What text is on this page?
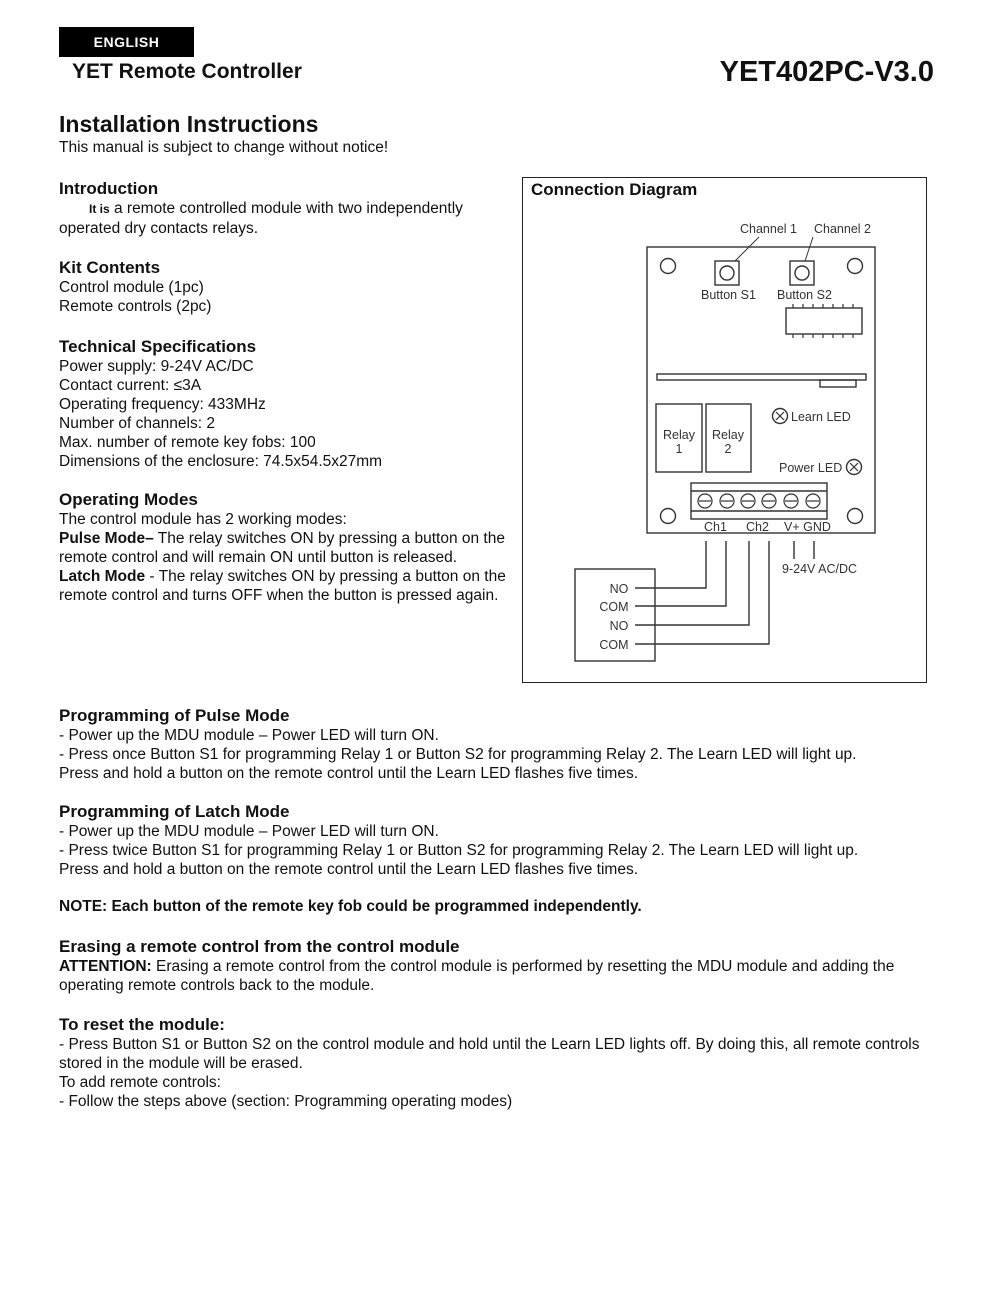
ENGLISH
YET Remote Controller	YET402PC-V3.0
Installation Instructions
This manual is subject to change without notice!
Introduction

It is a remote controlled module with two independently operated dry contacts relays.

Kit Contents

Control module (1pc)

Remote controls (2pc)

Technical Specifications

Power supply: 9-24V AC/DC

Contact current: ≤3A

Operating frequency: 433MHz

Number of channels: 2

Max. number of remote key fobs: 100

Dimensions of the enclosure: 74.5x54.5x27mm

Operating Modes

The control module has 2 working modes:

Pulse Mode– The relay switches ON by pressing a button on the remote control and will remain ON until button is released.

Latch Mode - The relay switches ON by pressing a button on the remote control and turns OFF when the button is pressed again.

Connection Diagram
Channel 1 Channel 2
Button S1 Button S2
Relay
1
Relay
2
Learn LED
Power LED
Ch1 Ch2 V+ GND
9-24V AC/DC
NO
COM
NO
COM
Programming of Pulse Mode

- Power up the MDU module – Power LED will turn ON.

- Press once Button S1 for programming Relay 1 or Button S2 for programming Relay 2. The Learn LED will light up.

Press and hold a button on the remote control until the Learn LED flashes five times.

Programming of Latch Mode

- Power up the MDU module – Power LED will turn ON.

- Press twice Button S1 for programming Relay 1 or Button S2 for programming Relay 2. The Learn LED will light up.

Press and hold a button on the remote control until the Learn LED flashes five times.

NOTE: Each button of the remote key fob could be programmed independently.
Erasing a remote control from the control module

ATTENTION: Erasing a remote control from the control module is performed by resetting the MDU module and adding the operating remote controls back to the module.

To reset the module:

- Press Button S1 or Button S2 on the control module and hold until the Learn LED lights off. By doing this, all remote controls stored in the module will be erased.

To add remote controls:

- Follow the steps above (section: Programming operating modes)
